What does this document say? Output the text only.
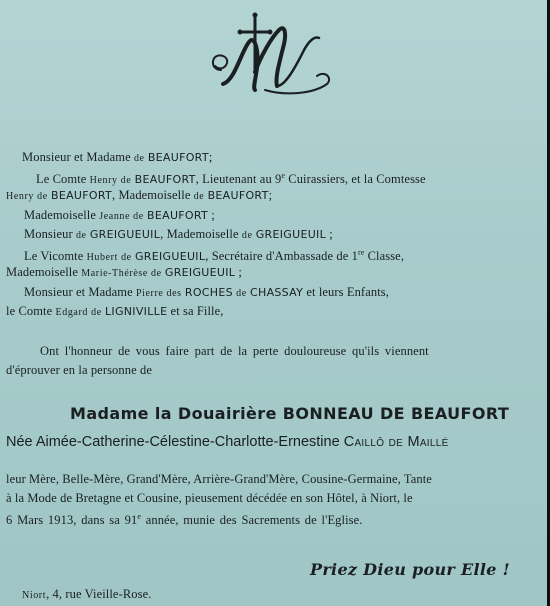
Monsieur et Madame de BEAUFORT;
Le Comte Henry de BEAUFORT, Lieutenant au 9e Cuirassiers, et la Comtesse
Henry de BEAUFORT, Mademoiselle de BEAUFORT;
Mademoiselle Jeanne de BEAUFORT ;
Monsieur de GREIGUEUIL, Mademoiselle de GREIGUEUIL ;
Le Vicomte Hubert de GREIGUEUIL, Secrétaire d'Ambassade de 1re Classe,
Mademoiselle Marie-Thérèse de GREIGUEUIL ;
Monsieur et Madame Pierre des ROCHES de CHASSAY et leurs Enfants,
le Comte Edgard de LIGNIVILLE et sa Fille,
Ont l'honneur de vous faire part de la perte douloureuse qu'ils viennent
d'éprouver en la personne de
Madame la Douairière BONNEAU DE BEAUFORT
Née Aimée-Catherine-Célestine-Charlotte-Ernestine Caillô de Maillé
leur Mère, Belle-Mère, Grand'Mère, Arrière-Grand'Mère, Cousine-Germaine, Tante
à la Mode de Bretagne et Cousine, pieusement décédée en son Hôtel, à Niort, le
6 Mars 1913, dans sa 91e année, munie des Sacrements de l'Eglise.
Priez Dieu pour Elle !
Niort, 4, rue Vieille-Rose.
